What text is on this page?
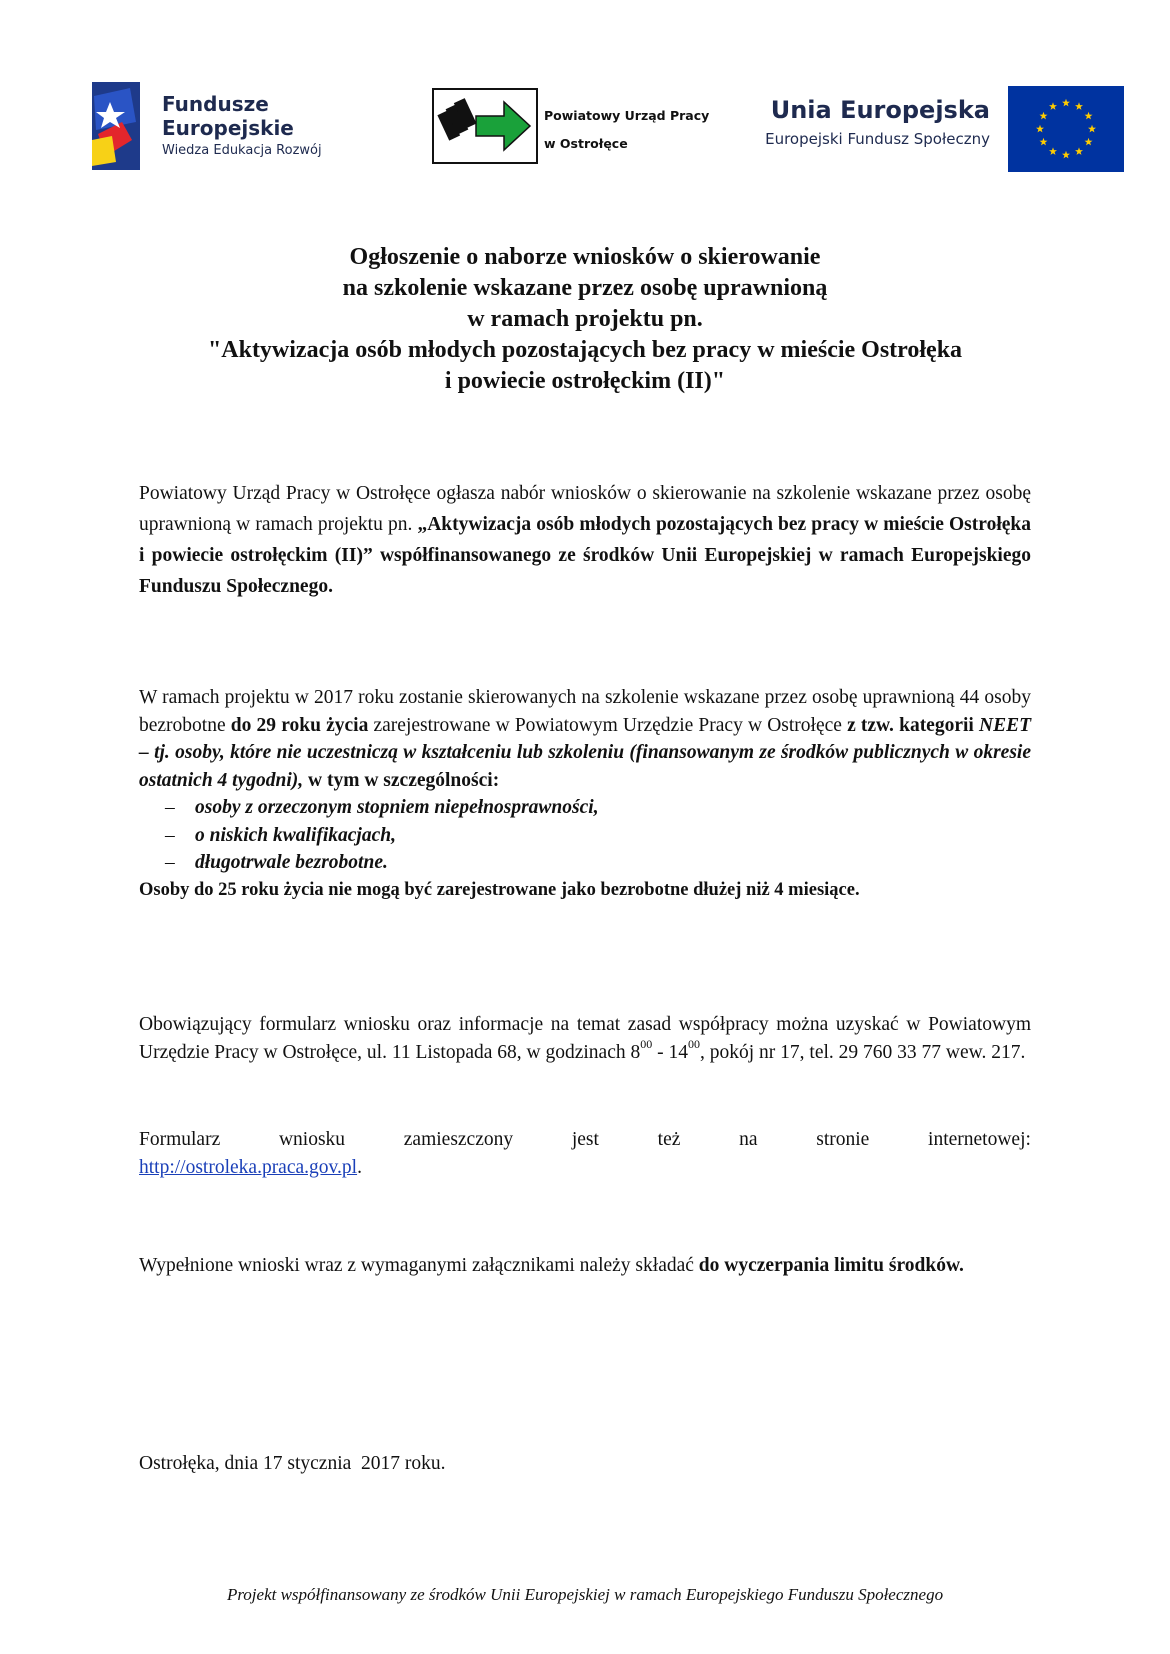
Fundusze
Europejskie
Wiedza Edukacja Rozwój
Powiatowy Urząd Pracy
w Ostrołęce
Unia Europejska
Europejski Fundusz Społeczny
Ogłoszenie o naborze wniosków o skierowanie
na szkolenie wskazane przez osobę uprawnioną
w ramach projektu pn.
"Aktywizacja osób młodych pozostających bez pracy w mieście Ostrołęka
i powiecie ostrołęckim (II)"
Powiatowy Urząd Pracy w Ostrołęce ogłasza nabór wniosków o skierowanie na szkolenie wskazane przez osobę uprawnioną w ramach projektu pn. „Aktywizacja osób młodych pozostających bez pracy w mieście Ostrołęka i powiecie ostrołęckim (II)” współfinansowanego ze środków Unii Europejskiej w ramach Europejskiego Funduszu Społecznego.
W ramach projektu w 2017 roku zostanie skierowanych na szkolenie wskazane przez osobę uprawnioną 44 osoby bezrobotne do 29 roku życia zarejestrowane w Powiatowym Urzędzie Pracy w Ostrołęce z tzw. kategorii NEET – tj. osoby, które nie uczestniczą w kształceniu lub szkoleniu (finansowanym ze środków publicznych w okresie ostatnich 4 tygodni), w tym w szczególności:
– osoby z orzeczonym stopniem niepełnosprawności,
– o niskich kwalifikacjach,
– długotrwale bezrobotne.
Osoby do 25 roku życia nie mogą być zarejestrowane jako bezrobotne dłużej niż 4 miesiące.
Obowiązujący formularz wniosku oraz informacje na temat zasad współpracy można uzyskać w Powiatowym Urzędzie Pracy w Ostrołęce, ul. 11 Listopada 68, w godzinach $8^{00} - 14^{00}$, pokój nr 17, tel. 29 760 33 77 wew. 217.
Formularz	wniosku	zamieszczony	jest	też	na	stronie	internetowej:
http://ostroleka.praca.gov.pl.
Wypełnione wnioski wraz z wymaganymi załącznikami należy składać do wyczerpania limitu środków.
Ostrołęka, dnia 17 stycznia  2017 roku.
Projekt współfinansowany ze środków Unii Europejskiej w ramach Europejskiego Funduszu Społecznego
